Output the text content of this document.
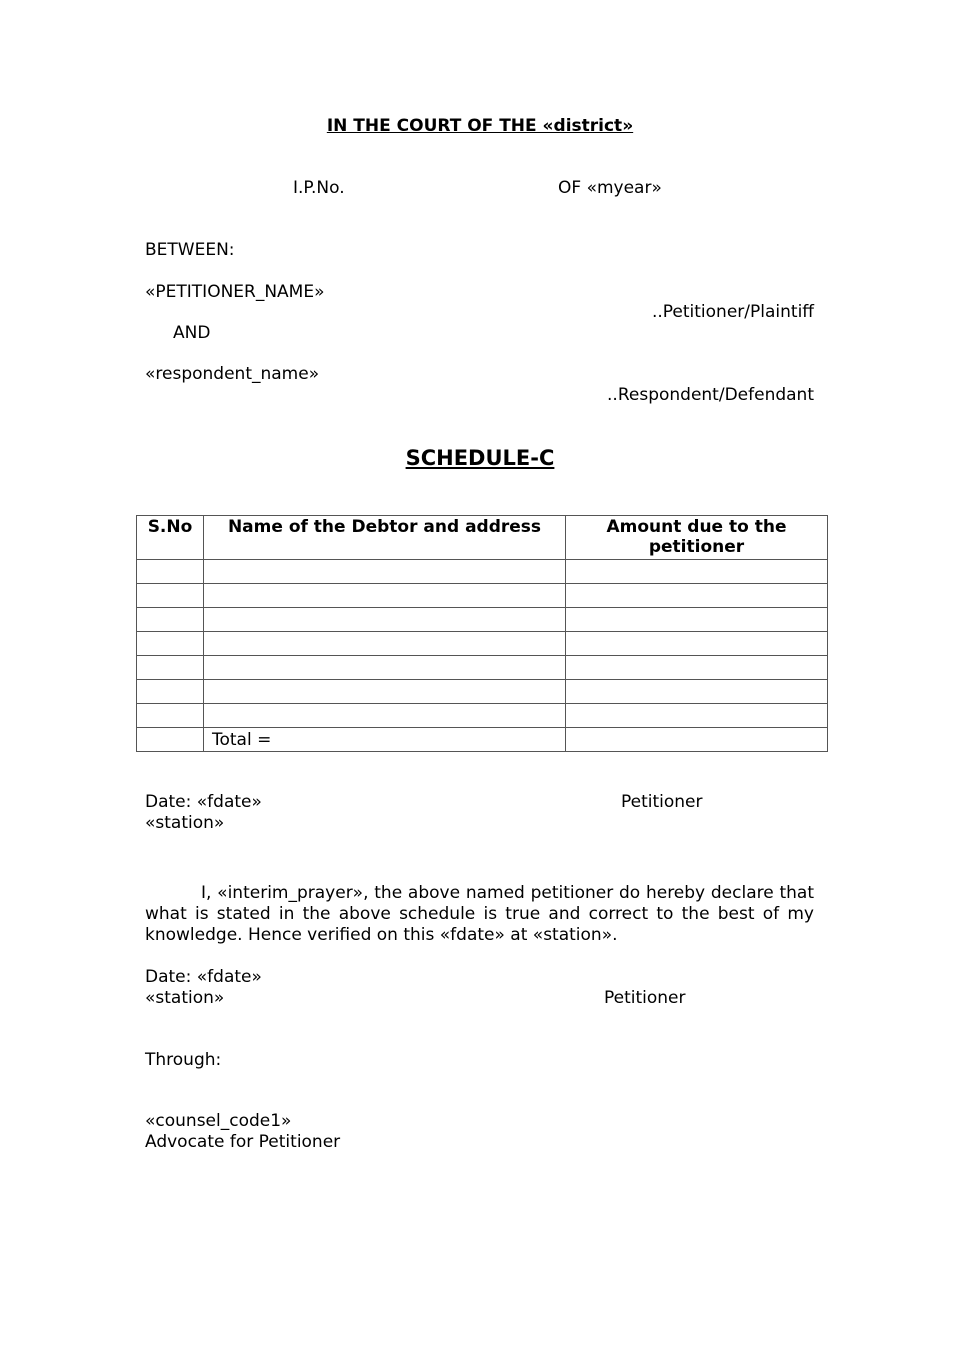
IN THE COURT OF THE «district»
I.P.No.	OF «myear»
BETWEEN:
«PETITIONER_NAME»
..Petitioner/Plaintiff
AND
«respondent_name»
..Respondent/Defendant
SCHEDULE-C
S.No	Name of the Debtor and address	Amount due to the petitioner

	Total =	
Date: «fdate»
«station»
Petitioner
I, «interim_prayer», the above named petitioner do hereby declare that what is stated in the above schedule is true and correct to the best of my knowledge. Hence verified on this «fdate» at «station».
Date: «fdate»
«station»	Petitioner
Through:
«counsel_code1»
Advocate for Petitioner
